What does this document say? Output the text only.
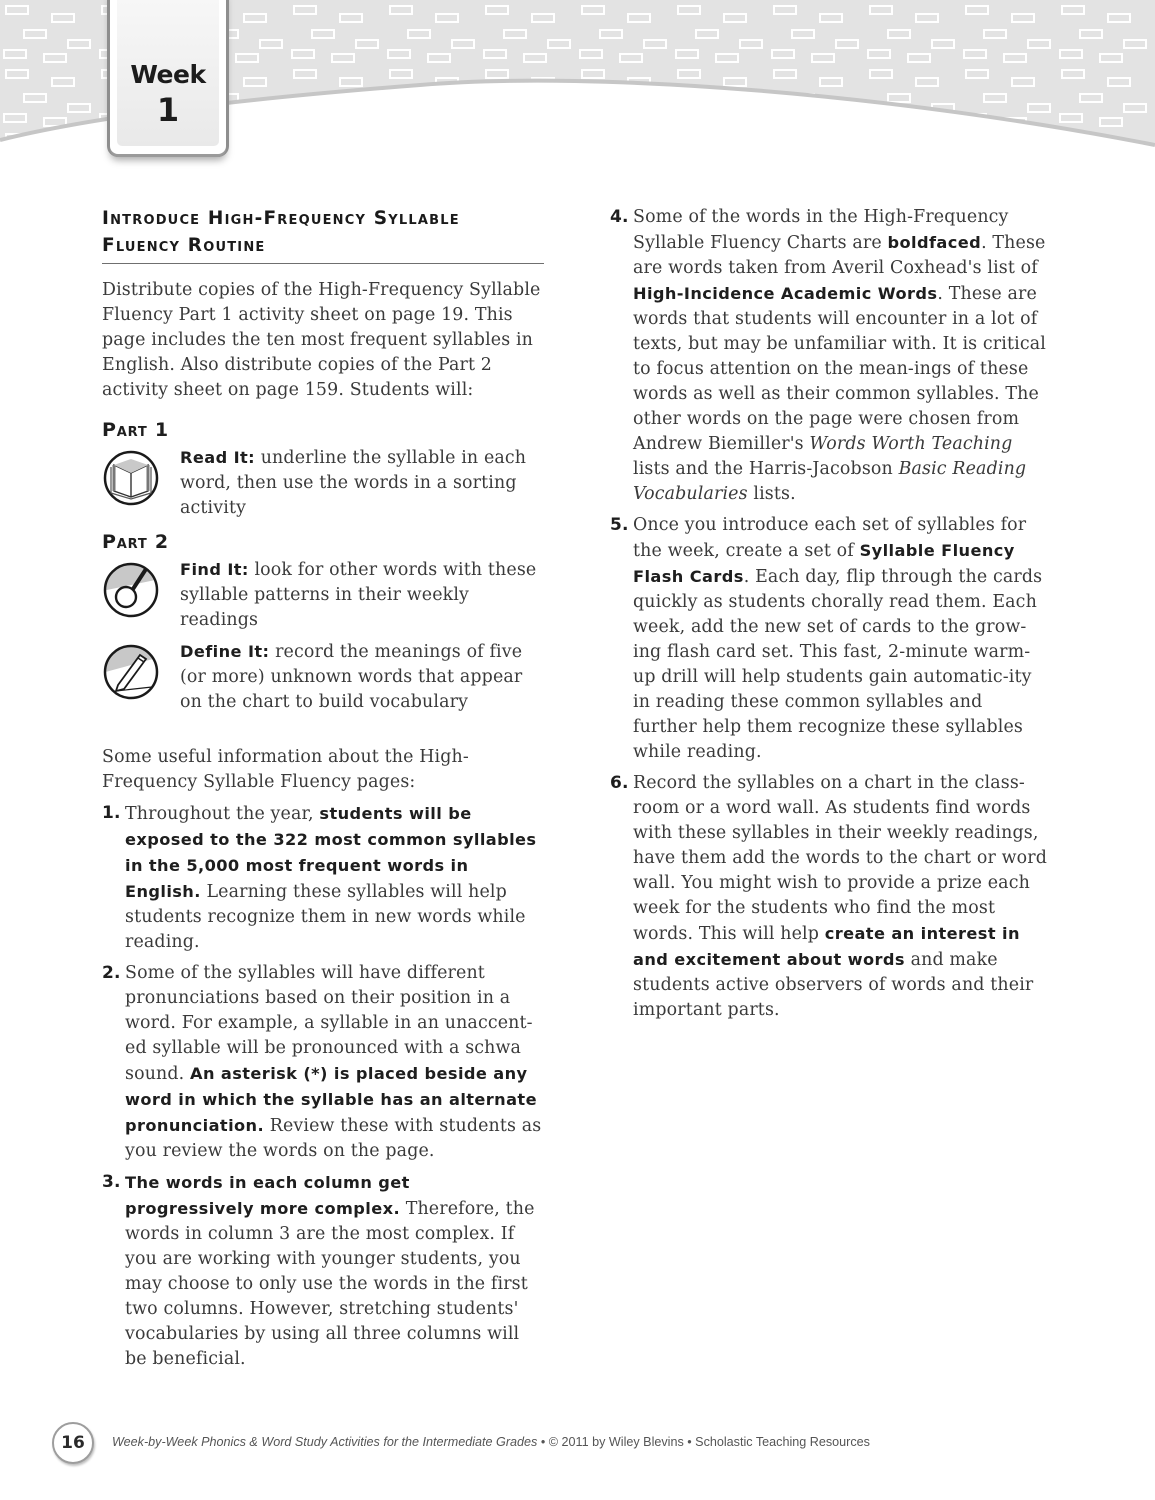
Week
1
Introduce High-Frequency Syllable
Fluency Routine

Distribute copies of the High-Frequency Syllable Fluency Part 1 activity sheet on page 19. This page includes the ten most frequent syllables in English. Also distribute copies of the Part 2 activity sheet on page 159. Students will:

Part 1

Read It: underline the syllable in each word, then use the words in a sorting activity

Part 2

Find It: look for other words with these syllable patterns in their weekly readings

Define It: record the meanings of five (or more) unknown words that appear on the chart to build vocabulary

Some useful information about the High-Frequency Syllable Fluency pages:

1. Throughout the year, students will be exposed to the 322 most common syllables in the 5,000 most frequent words in English. Learning these syllables will help students recognize them in new words while reading.
2. Some of the syllables will have different pronunciations based on their position in a word. For example, a syllable in an unaccent-ed syllable will be pronounced with a schwa sound. An asterisk (*) is placed beside any word in which the syllable has an alternate pronunciation. Review these with students as you review the words on the page.
3. The words in each column get progressively more complex. Therefore, the words in column 3 are the most complex. If you are working with younger students, you may choose to only use the words in the first two columns. However, stretching students' vocabularies by using all three columns will be beneficial.
4. Some of the words in the High-Frequency Syllable Fluency Charts are boldfaced. These are words taken from Averil Coxhead's list of High-Incidence Academic Words. These are words that students will encounter in a lot of texts, but may be unfamiliar with. It is critical to focus attention on the mean-ings of these words as well as their common syllables. The other words on the page were chosen from Andrew Biemiller's Words Worth Teaching lists and the Harris-Jacobson Basic Reading Vocabularies lists.
5. Once you introduce each set of syllables for the week, create a set of Syllable Fluency Flash Cards. Each day, flip through the cards quickly as students chorally read them. Each week, add the new set of cards to the grow-ing flash card set. This fast, 2-minute warm-up drill will help students gain automatic-ity in reading these common syllables and further help them recognize these syllables while reading.
6. Record the syllables on a chart in the class-room or a word wall. As students find words with these syllables in their weekly readings, have them add the words to the chart or word wall. You might wish to provide a prize each week for the students who find the most words. This will help create an interest in and excitement about words and make students active observers of words and their important parts.
16	Week-by-Week Phonics & Word Study Activities for the Intermediate Grades • © 2011 by Wiley Blevins • Scholastic Teaching Resources
